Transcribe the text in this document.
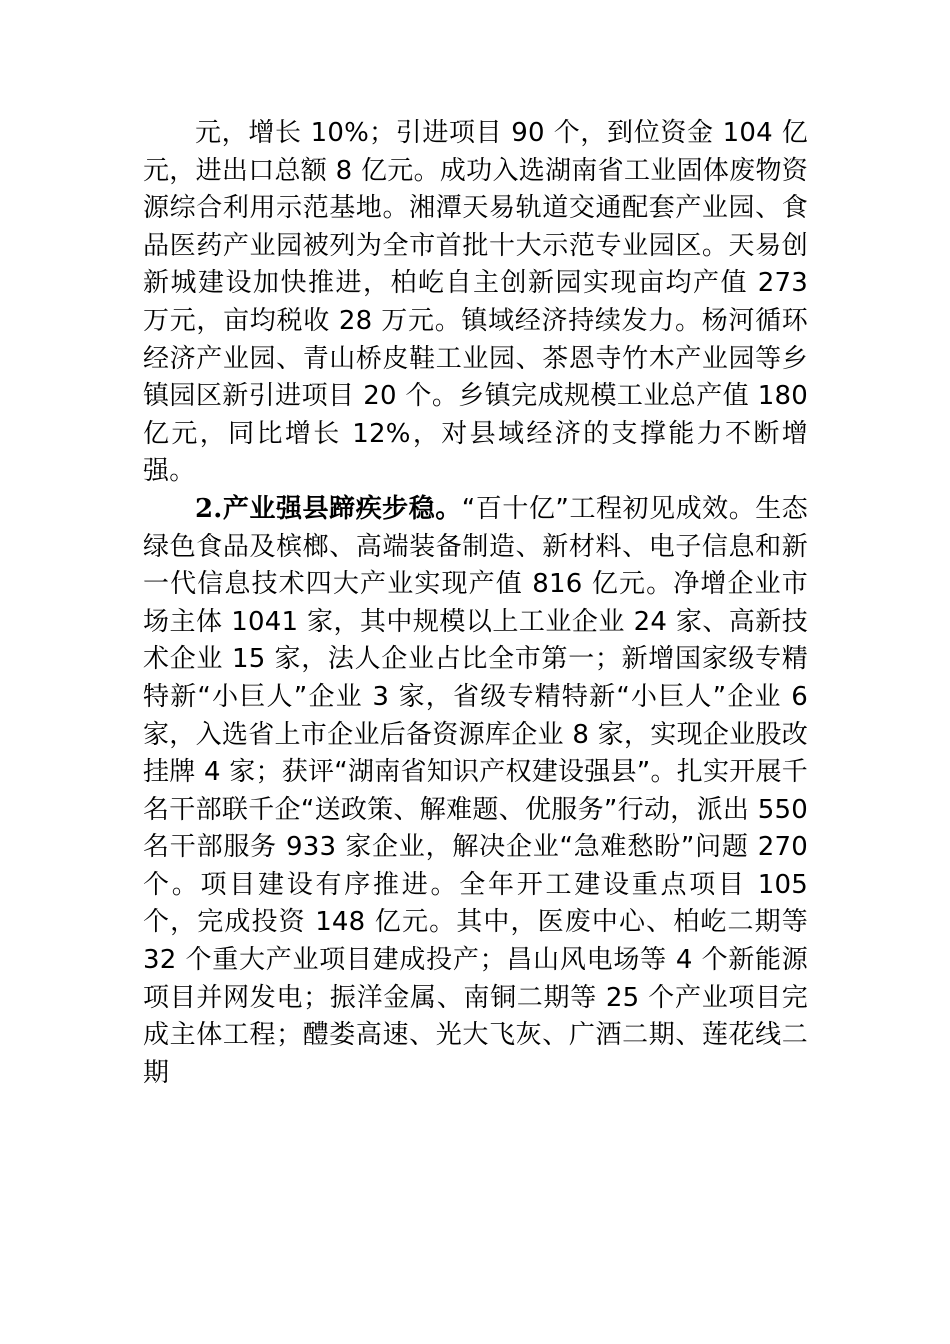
元，增长 10%；引进项目 90 个，到位资金 104 亿元，进出口总额 8 亿元。成功入选湖南省工业固体废物资源综合利用示范基地。湘潭天易轨道交通配套产业园、食品医药产业园被列为全市首批十大示范专业园区。天易创新城建设加快推进，柏屹自主创新园实现亩均产值 273 万元，亩均税收 28 万元。镇域经济持续发力。杨河循环经济产业园、青山桥皮鞋工业园、茶恩寺竹木产业园等乡镇园区新引进项目 20 个。乡镇完成规模工业总产值 180 亿元，同比增长 12%，对县域经济的支撑能力不断增强。

2.产业强县蹄疾步稳。“百十亿”工程初见成效。生态绿色食品及槟榔、高端装备制造、新材料、电子信息和新一代信息技术四大产业实现产值 816 亿元。净增企业市场主体 1041 家，其中规模以上工业企业 24 家、高新技术企业 15 家，法人企业占比全市第一；新增国家级专精特新“小巨人”企业 3 家，省级专精特新“小巨人”企业 6 家，入选省上市企业后备资源库企业 8 家，实现企业股改挂牌 4 家；获评“湖南省知识产权建设强县”。扎实开展千名干部联千企“送政策、解难题、优服务”行动，派出 550 名干部服务 933 家企业，解决企业“急难愁盼”问题 270 个。项目建设有序推进。全年开工建设重点项目 105 个，完成投资 148 亿元。其中，医废中心、柏屹二期等 32 个重大产业项目建成投产；昌山风电场等 4 个新能源项目并网发电；振洋金属、南铜二期等 25 个产业项目完成主体工程；醴娄高速、光大飞灰、广酒二期、莲花线二期
